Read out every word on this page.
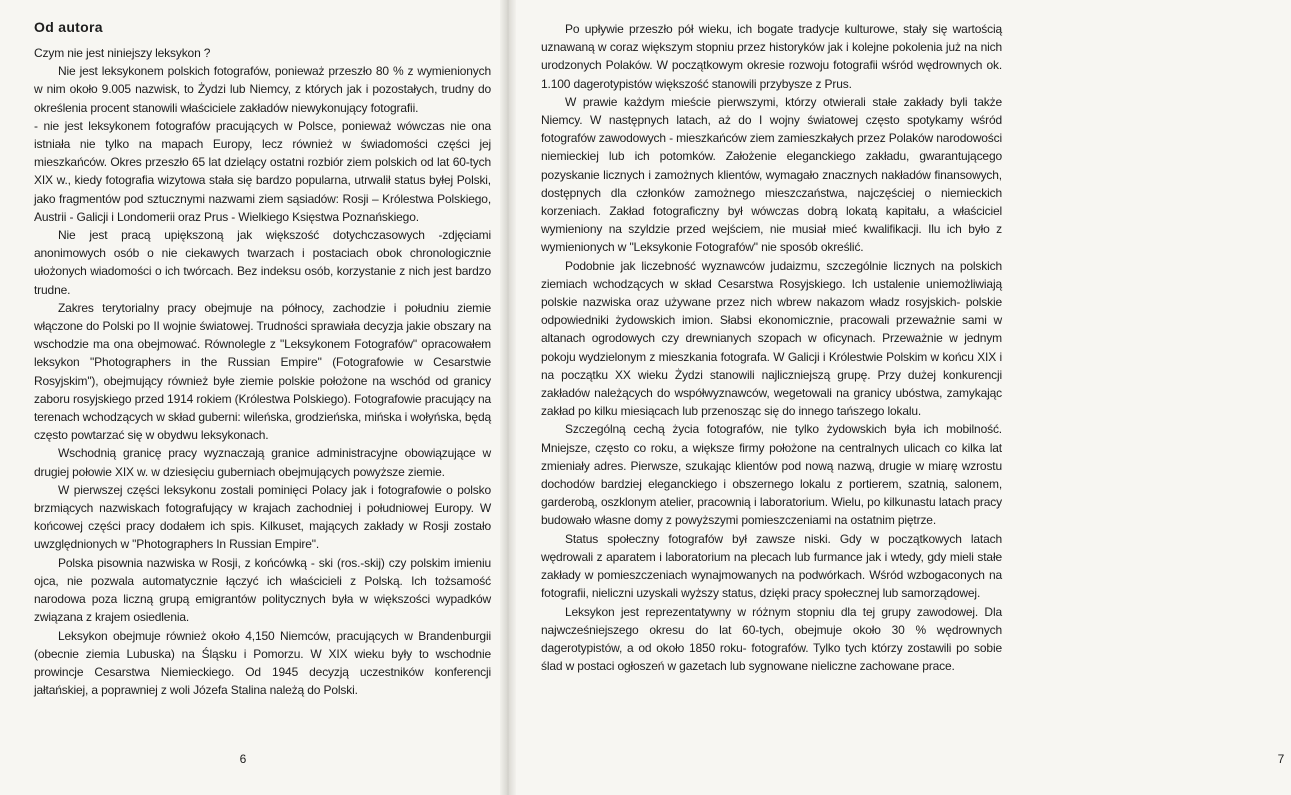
Od autora

Czym nie jest niniejszy leksykon ?

Nie jest leksykonem polskich fotografów, ponieważ przeszło 80 % z wymienionych w nim około 9.005 nazwisk, to Żydzi lub Niemcy, z których jak i pozostałych, trudny do określenia procent stanowili właściciele zakładów niewykonujący fotografii.

- nie jest leksykonem fotografów pracujących w Polsce, ponieważ wówczas nie ona istniała nie tylko na mapach Europy, lecz również w świadomości części jej mieszkańców. Okres przeszło 65 lat dzielący ostatni rozbiór ziem polskich od lat 60-tych XIX w., kiedy fotografia wizytowa stała się bardzo popularna, utrwalił status byłej Polski, jako fragmentów pod sztucznymi nazwami ziem sąsiadów: Rosji – Królestwa Polskiego, Austrii - Galicji i Londomerii oraz Prus - Wielkiego Księstwa Poznańskiego.

Nie jest pracą upiększoną jak większość dotychczasowych -zdjęciami anonimowych osób o nie ciekawych twarzach i postaciach obok chronologicznie ułożonych wiadomości o ich twórcach. Bez indeksu osób, korzystanie z nich jest bardzo trudne.

Zakres terytorialny pracy obejmuje na północy, zachodzie i południu ziemie włączone do Polski po II wojnie światowej. Trudności sprawiała decyzja jakie obszary na wschodzie ma ona obejmować. Równolegle z "Leksykonem Fotografów" opracowałem leksykon "Photographers in the Russian Empire" (Fotografowie w Cesarstwie Rosyjskim"), obejmujący również byłe ziemie polskie położone na wschód od granicy zaboru rosyjskiego przed 1914 rokiem (Królestwa Polskiego). Fotografowie pracujący na terenach wchodzących w skład guberni: wileńska, grodzieńska, mińska i wołyńska, będą często powtarzać się w obydwu leksykonach.

Wschodnią granicę pracy wyznaczają granice administracyjne obowiązujące w drugiej połowie XIX w. w dziesięciu guberniach obejmujących powyższe ziemie.

W pierwszej części leksykonu zostali pominięci Polacy jak i fotografowie o polsko brzmiących nazwiskach fotografujący w krajach zachodniej i południowej Europy. W końcowej części pracy dodałem ich spis. Kilkuset, mających zakłady w Rosji zostało uwzględnionych w "Photographers In Russian Empire".

Polska pisownia nazwiska w Rosji, z końcówką - ski (ros.-skij) czy polskim imieniu ojca, nie pozwala automatycznie łączyć ich właścicieli z Polską. Ich tożsamość narodowa poza liczną grupą emigrantów politycznych była w większości wypadków związana z krajem osiedlenia.

Leksykon obejmuje również około 4,150 Niemców, pracujących w Brandenburgii (obecnie ziemia Lubuska) na Śląsku i Pomorzu. W XIX wieku były to wschodnie prowincje Cesarstwa Niemieckiego. Od 1945 decyzją uczestników konferencji jałtańskiej, a poprawniej z woli Józefa Stalina należą do Polski.

6

Po upływie przeszło pół wieku, ich bogate tradycje kulturowe, stały się wartością uznawaną w coraz większym stopniu przez historyków jak i kolejne pokolenia już na nich urodzonych Polaków. W początkowym okresie rozwoju fotografii wśród wędrownych ok. 1.100 dagerotypistów większość stanowili przybysze z Prus.

W prawie każdym mieście pierwszymi, którzy otwierali stałe zakłady byli także Niemcy. W następnych latach, aż do I wojny światowej często spotykamy wśród fotografów zawodowych - mieszkańców ziem zamieszkałych przez Polaków narodowości niemieckiej lub ich potomków. Założenie eleganckiego zakładu, gwarantującego pozyskanie licznych i zamożnych klientów, wymagało znacznych nakładów finansowych, dostępnych dla członków zamożnego mieszczaństwa, najczęściej o niemieckich korzeniach. Zakład fotograficzny był wówczas dobrą lokatą kapitału, a właściciel wymieniony na szyldzie przed wejściem, nie musiał mieć kwalifikacji. Ilu ich było z wymienionych w "Leksykonie Fotografów" nie sposób określić.

Podobnie jak liczebność wyznawców judaizmu, szczególnie licznych na polskich ziemiach wchodzących w skład Cesarstwa Rosyjskiego. Ich ustalenie uniemożliwiają polskie nazwiska oraz używane przez nich wbrew nakazom władz rosyjskich- polskie odpowiedniki żydowskich imion. Słabsi ekonomicznie, pracowali przeważnie sami w altanach ogrodowych czy drewnianych szopach w oficynach. Przeważnie w jednym pokoju wydzielonym z mieszkania fotografa. W Galicji i Królestwie Polskim w końcu XIX i na początku XX wieku Żydzi stanowili najliczniejszą grupę. Przy dużej konkurencji zakładów należących do współwyznawców, wegetowali na granicy ubóstwa, zamykając zakład po kilku miesiącach lub przenosząc się do innego tańszego lokalu.

Szczególną cechą życia fotografów, nie tylko żydowskich była ich mobilność. Mniejsze, często co roku, a większe firmy położone na centralnych ulicach co kilka lat zmieniały adres. Pierwsze, szukając klientów pod nową nazwą, drugie w miarę wzrostu dochodów bardziej eleganckiego i obszernego lokalu z portierem, szatnią, salonem, garderobą, oszklonym atelier, pracownią i laboratorium. Wielu, po kilkunastu latach pracy budowało własne domy z powyższymi pomieszczeniami na ostatnim piętrze.

Status społeczny fotografów był zawsze niski. Gdy w początkowych latach wędrowali z aparatem i laboratorium na plecach lub furmance jak i wtedy, gdy mieli stałe zakłady w pomieszczeniach wynajmowanych na podwórkach. Wśród wzbogaconych na fotografii, nieliczni uzyskali wyższy status, dzięki pracy społecznej lub samorządowej.

Leksykon jest reprezentatywny w różnym stopniu dla tej grupy zawodowej. Dla najwcześniejszego okresu do lat 60-tych, obejmuje około 30 % wędrownych dagerotypistów, a od około 1850 roku- fotografów. Tylko tych którzy zostawili po sobie ślad w postaci ogłoszeń w gazetach lub sygnowane nieliczne zachowane prace.

7
